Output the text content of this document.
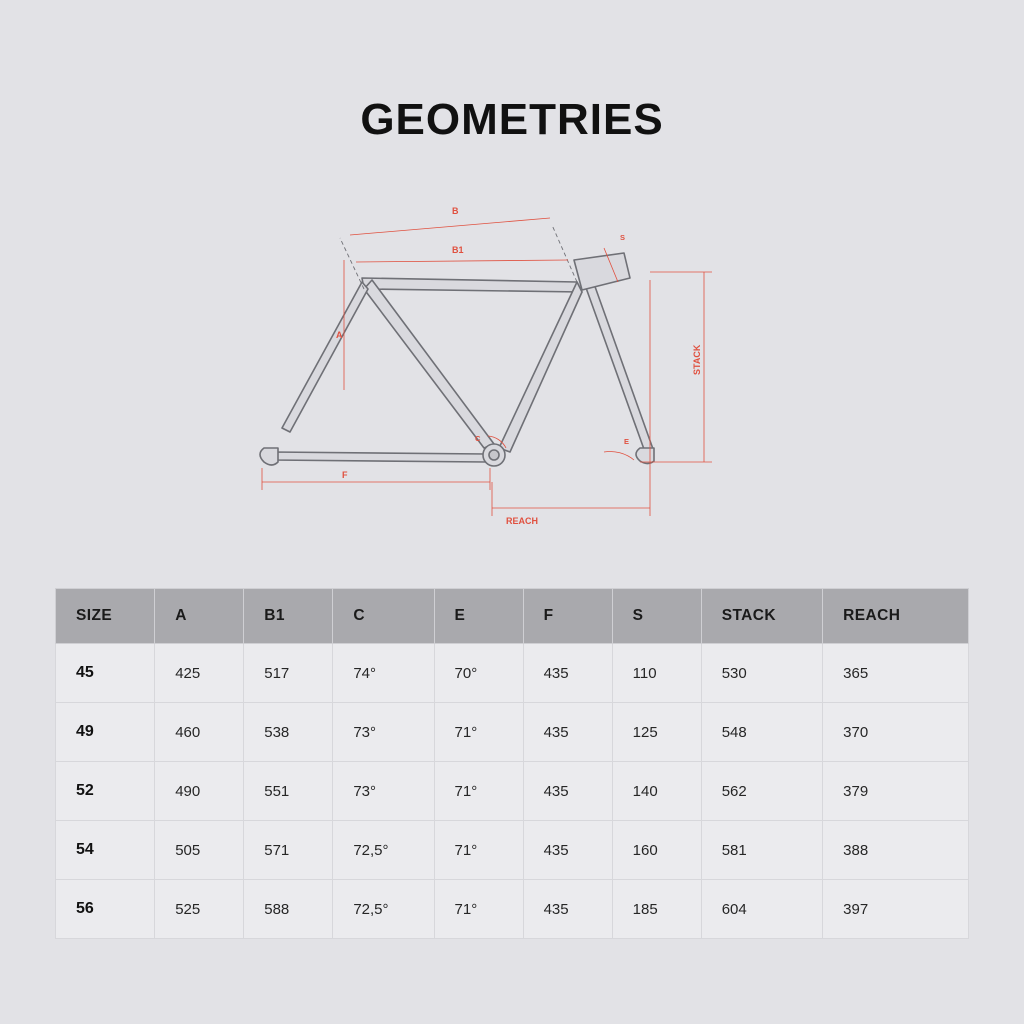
GEOMETRIES
B
B1
A
C	E
F
S
STACK
REACH
SIZE	A	B1	C	E	F	S	STACK	REACH
45	425	517	74°	70°	435	110	530	365
49	460	538	73°	71°	435	125	548	370
52	490	551	73°	71°	435	140	562	379
54	505	571	72,5°	71°	435	160	581	388
56	525	588	72,5°	71°	435	185	604	397
